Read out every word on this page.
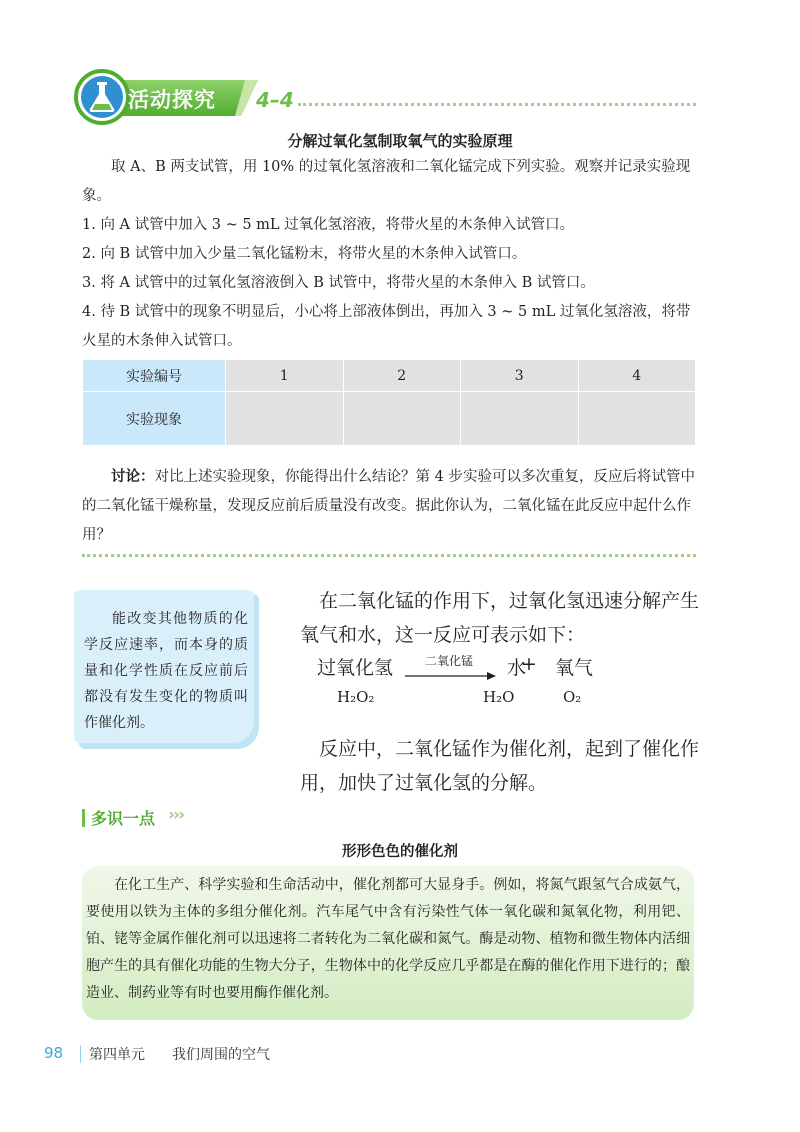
活动探究 4–4
分解过氧化氢制取氧气的实验原理
取 A、B 两支试管，用 10% 的过氧化氢溶液和二氧化锰完成下列实验。观察并记录实验现象。
1. 向 A 试管中加入 3 ~ 5 mL 过氧化氢溶液，将带火星的木条伸入试管口。
2. 向 B 试管中加入少量二氧化锰粉末，将带火星的木条伸入试管口。
3. 将 A 试管中的过氧化氢溶液倒入 B 试管中，将带火星的木条伸入 B 试管口。
4. 待 B 试管中的现象不明显后，小心将上部液体倒出，再加入 3 ~ 5 mL 过氧化氢溶液，将带火星的木条伸入试管口。
实验编号	1	2	3	4
实验现象				
讨论：对比上述实验现象，你能得出什么结论？第 4 步实验可以多次重复，反应后将试管中的二氧化锰干燥称量，发现反应前后质量没有改变。据此你认为，二氧化锰在此反应中起什么作用？
能改变其他物质的化学反应速率，而本身的质量和化学性质在反应前后都没有发生变化的物质叫作催化剂。
在二氧化锰的作用下，过氧化氢迅速分解产生氧气和水，这一反应可表示如下：
过氧化氢	二氧化锰	水
+ 氧气
H₂O₂	H₂O	O₂
反应中，二氧化锰作为催化剂，起到了催化作用，加快了过氧化氢的分解。
多识一点 ›››
形形色色的催化剂
在化工生产、科学实验和生命活动中，催化剂都可大显身手。例如，将氮气跟氢气合成氨气，要使用以铁为主体的多组分催化剂。汽车尾气中含有污染性气体一氧化碳和氮氧化物，利用钯、铂、铑等金属作催化剂可以迅速将二者转化为二氧化碳和氮气。酶是动物、植物和微生物体内活细胞产生的具有催化功能的生物大分子，生物体中的化学反应几乎都是在酶的催化作用下进行的；酿造业、制药业等有时也要用酶作催化剂。
98 第四单元 我们周围的空气
